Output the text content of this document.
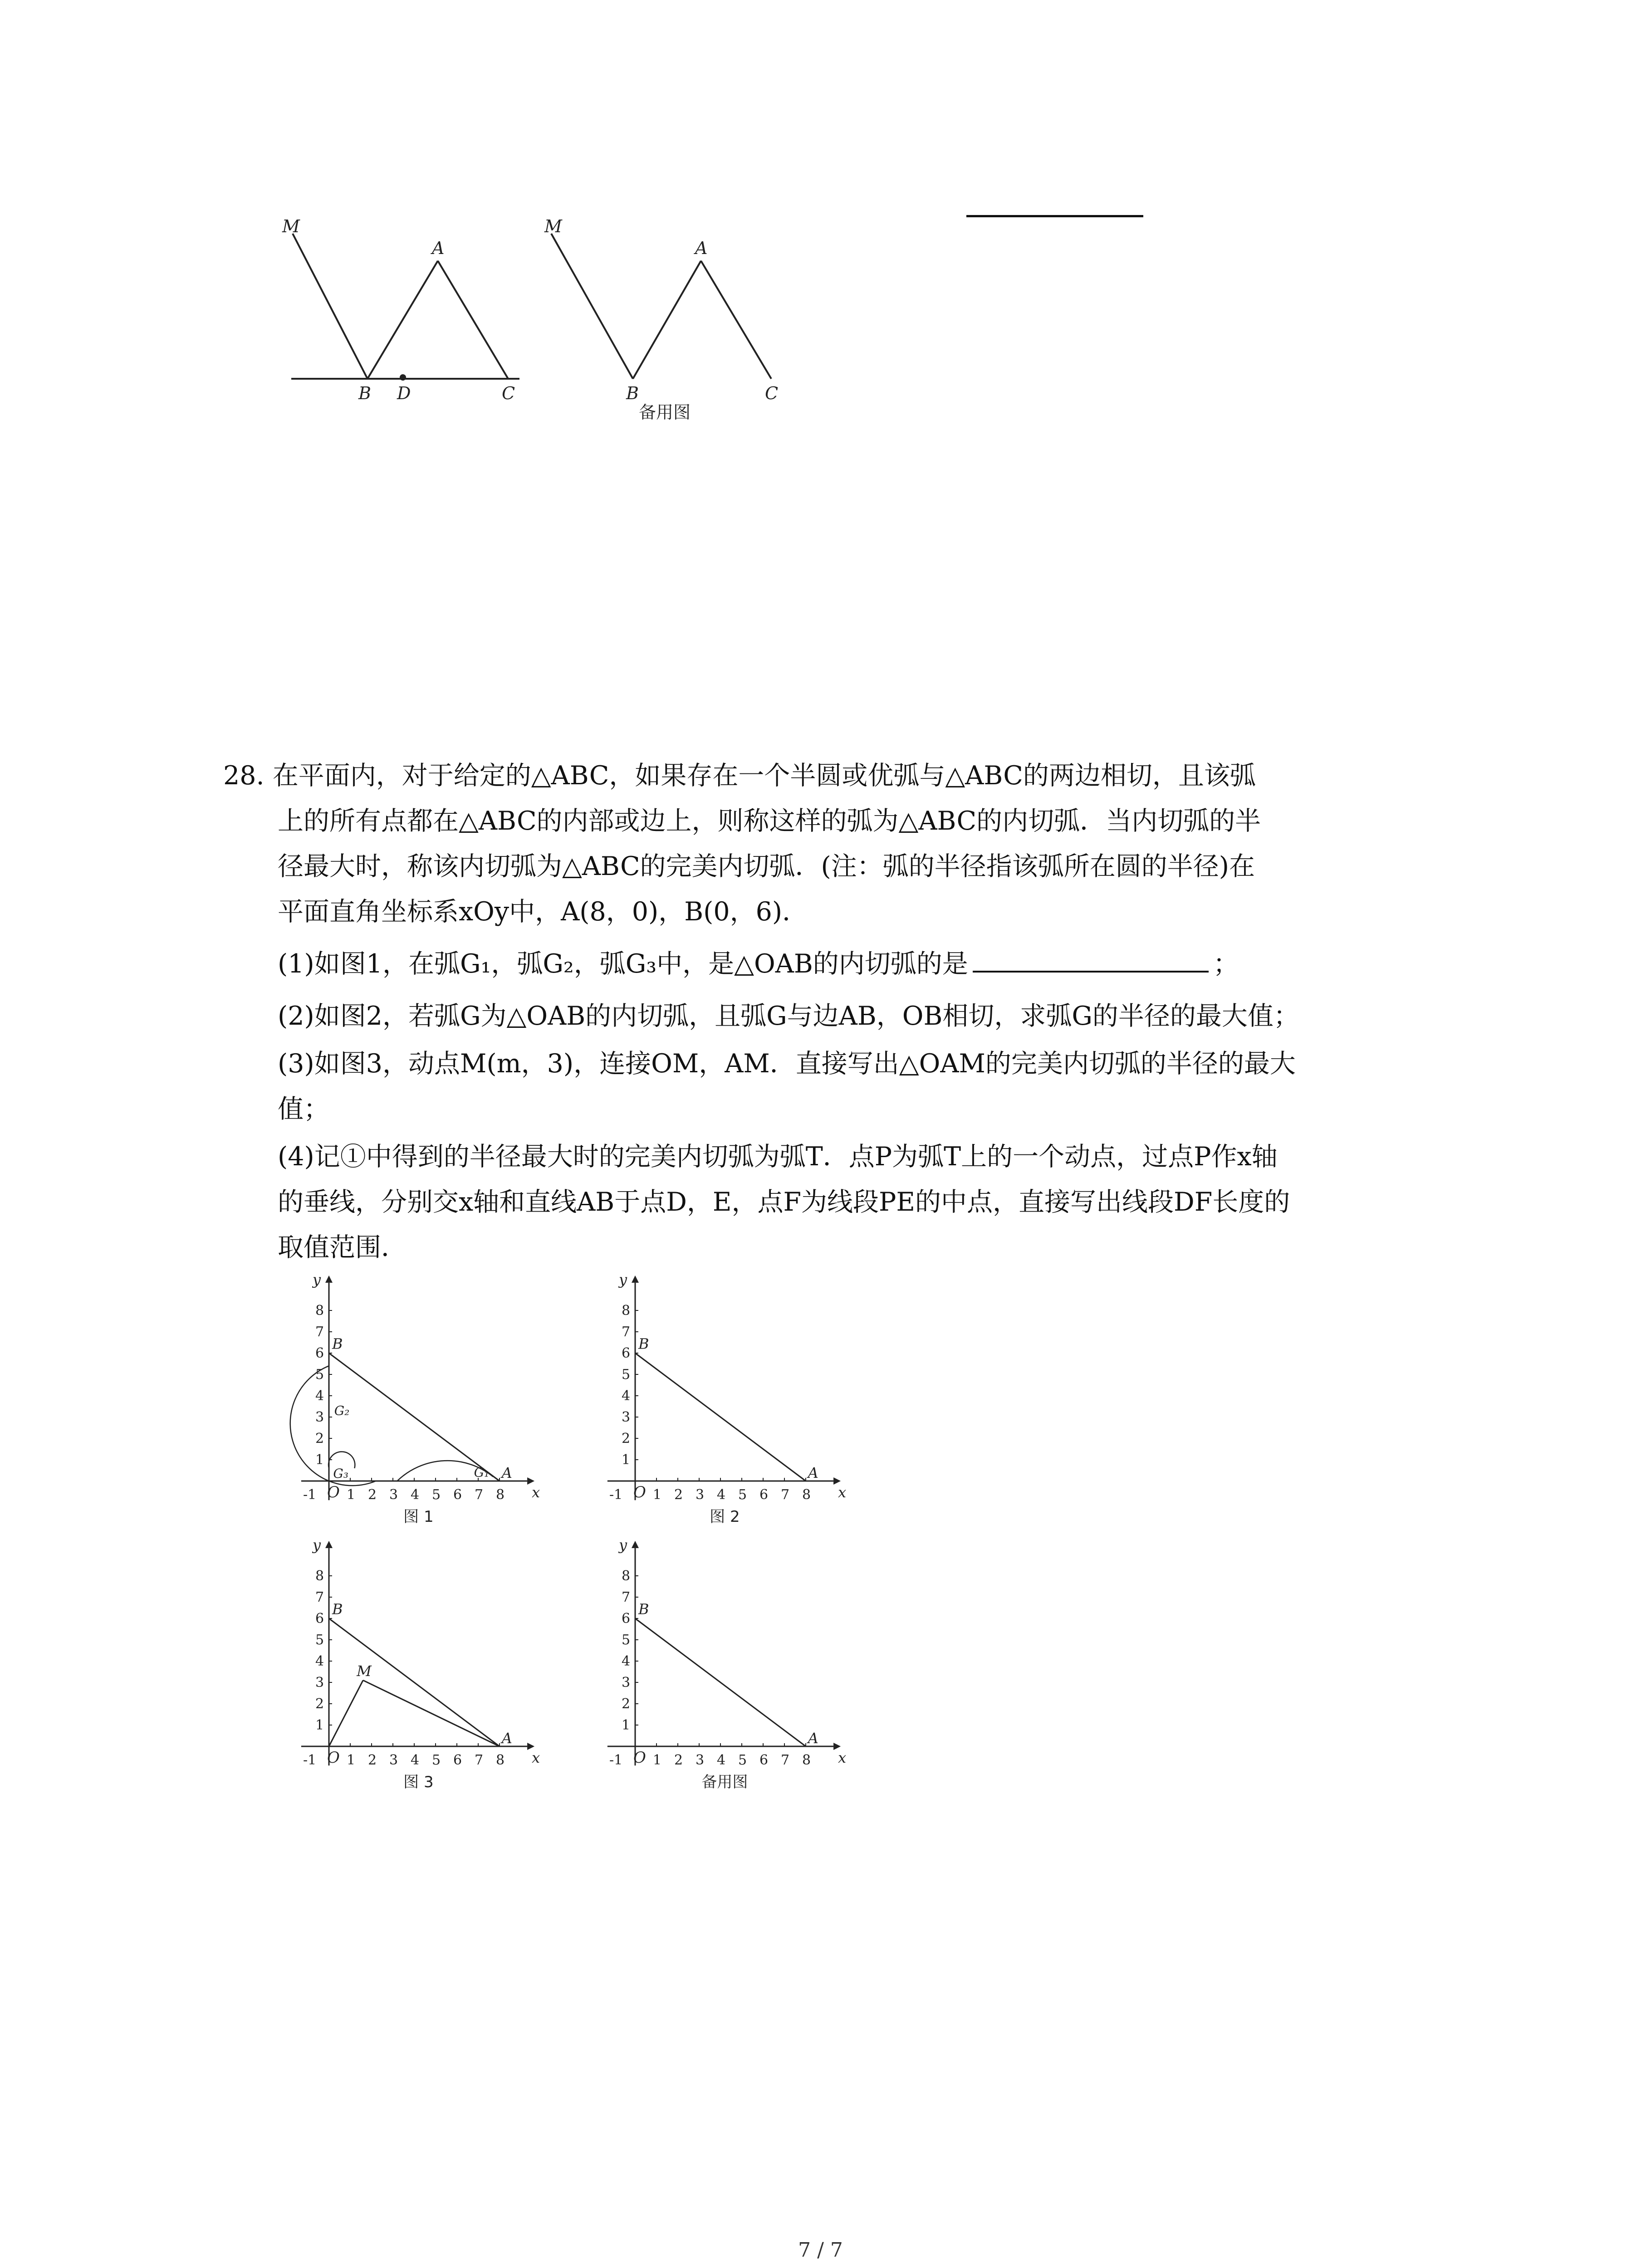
M
A
B D	C
M
A
B	C
备用图
28. 在平面内，对于给定的△ABC，如果存在一个半圆或优弧与△ABC的两边相切，且该弧
上的所有点都在△ABC的内部或边上，则称这样的弧为△ABC的内切弧．当内切弧的半
径最大时，称该内切弧为△ABC的完美内切弧．(注：弧的半径指该弧所在圆的半径)在
平面直角坐标系xOy中，A(8，0)，B(0，6)．
(1)如图1，在弧G₁，弧G₂，弧G₃中，是△OAB的内切弧的是	；
(2)如图2，若弧G为△OAB的内切弧，且弧G与边AB，OB相切，求弧G的半径的最大值；
(3)如图3，动点M(m，3)，连接OM，AM．直接写出△OAM的完美内切弧的半径的最大
值；
(4)记①中得到的半径最大时的完美内切弧为弧T．点P为弧T上的一个动点，过点P作x轴
的垂线，分别交x轴和直线AB于点D，E，点F为线段PE的中点，直接写出线段DF长度的
取值范围．
1 2 3 4 5 6 7 8
1
2
3
4
5
6
7
8
-1 O
y
x
B
A
G₁
G₂
G₃
图 1
1 2 3 4 5 6 7 8
1
2
3
4
5
6
7
8
-1 O
y
x
B
A
图 2
1 2 3 4 5 6 7 8
1
2
3
4
5
6
7
8
-1 O
y
x
B
A
M
图 3
1 2 3 4 5 6 7 8
1
2
3
4
5
6
7
8
-1 O
y
x
B
A
备用图
7 / 7
